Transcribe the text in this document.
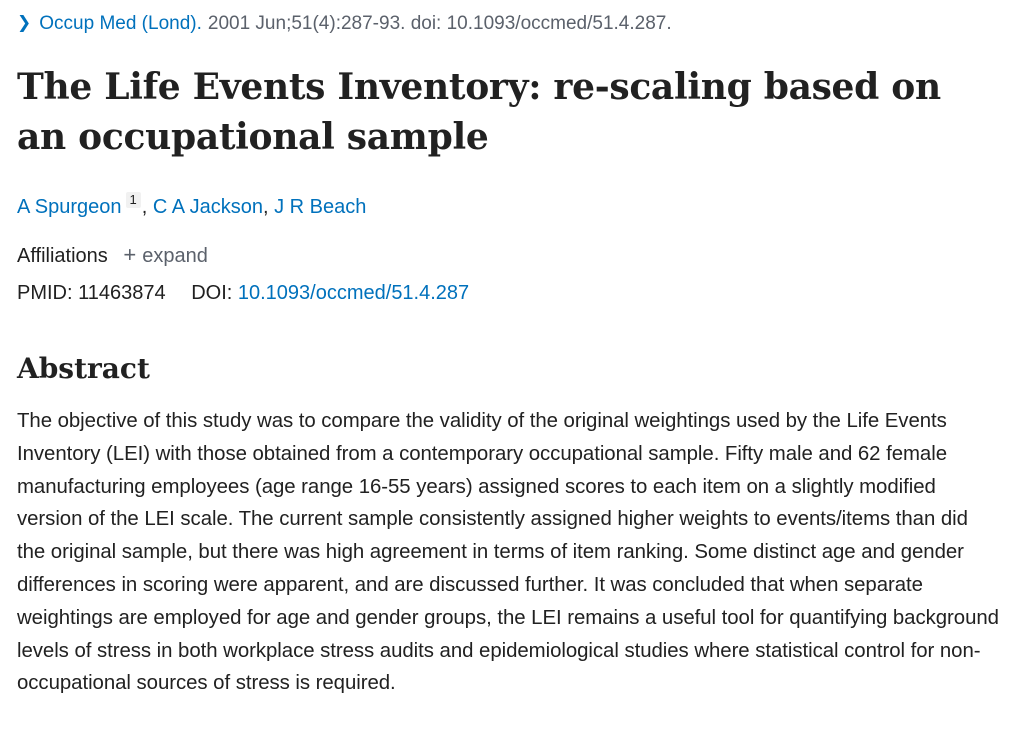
❯ Occup Med (Lond). 2001 Jun;51(4):287-93. doi: 10.1093/occmed/51.4.287.
The Life Events Inventory: re-scaling based on an occupational sample
A Spurgeon $^1$ , C A Jackson, J R Beach
Affiliations + expand
PMID: 11463874 DOI: 10.1093/occmed/51.4.287
Abstract

The objective of this study was to compare the validity of the original weightings used by the Life Events Inventory (LEI) with those obtained from a contemporary occupational sample. Fifty male and 62 female manufacturing employees (age range 16-55 years) assigned scores to each item on a slightly modified version of the LEI scale. The current sample consistently assigned higher weights to events/items than did the original sample, but there was high agreement in terms of item ranking. Some distinct age and gender differences in scoring were apparent, and are discussed further. It was concluded that when separate weightings are employed for age and gender groups, the LEI remains a useful tool for quantifying background levels of stress in both workplace stress audits and epidemiological studies where statistical control for non-occupational sources of stress is required.
